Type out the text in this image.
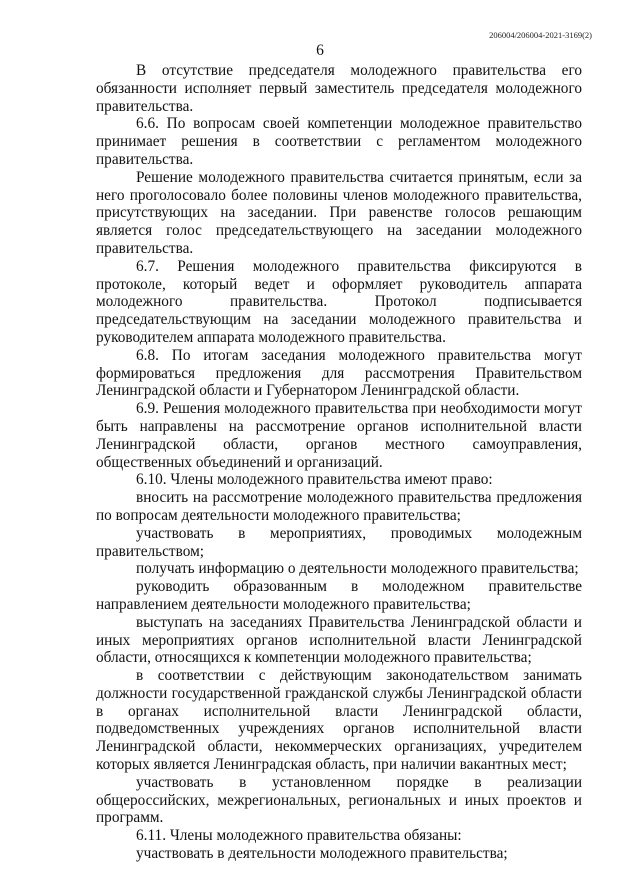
206004/206004-2021-3169(2)
6

В отсутствие председателя молодежного правительства его обязанности исполняет первый заместитель председателя молодежного правительства.

6.6. По вопросам своей компетенции молодежное правительство принимает решения в соответствии с регламентом молодежного правительства.

Решение молодежного правительства считается принятым, если за него проголосовало более половины членов молодежного правительства, присутствующих на заседании. При равенстве голосов решающим является голос председательствующего на заседании молодежного правительства.

6.7. Решения молодежного правительства фиксируются в протоколе, который ведет и оформляет руководитель аппарата молодежного правительства. Протокол подписывается председательствующим на заседании молодежного правительства и руководителем аппарата молодежного правительства.

6.8. По итогам заседания молодежного правительства могут формироваться предложения для рассмотрения Правительством Ленинградской области и Губернатором Ленинградской области.

6.9. Решения молодежного правительства при необходимости могут быть направлены на рассмотрение органов исполнительной власти Ленинградской области, органов местного самоуправления, общественных объединений и организаций.

6.10. Члены молодежного правительства имеют право:

вносить на рассмотрение молодежного правительства предложения по вопросам деятельности молодежного правительства;

участвовать в мероприятиях, проводимых молодежным правительством;

получать информацию о деятельности молодежного правительства;

руководить образованным в молодежном правительстве направлением деятельности молодежного правительства;

выступать на заседаниях Правительства Ленинградской области и иных мероприятиях органов исполнительной власти Ленинградской области, относящихся к компетенции молодежного правительства;

в соответствии с действующим законодательством занимать должности государственной гражданской службы Ленинградской области в органах исполнительной власти Ленинградской области, подведомственных учреждениях органов исполнительной власти Ленинградской области, некоммерческих организациях, учредителем которых является Ленинградская область, при наличии вакантных мест;

участвовать в установленном порядке в реализации общероссийских, межрегиональных, региональных и иных проектов и программ.

6.11. Члены молодежного правительства обязаны:

участвовать в деятельности молодежного правительства;
